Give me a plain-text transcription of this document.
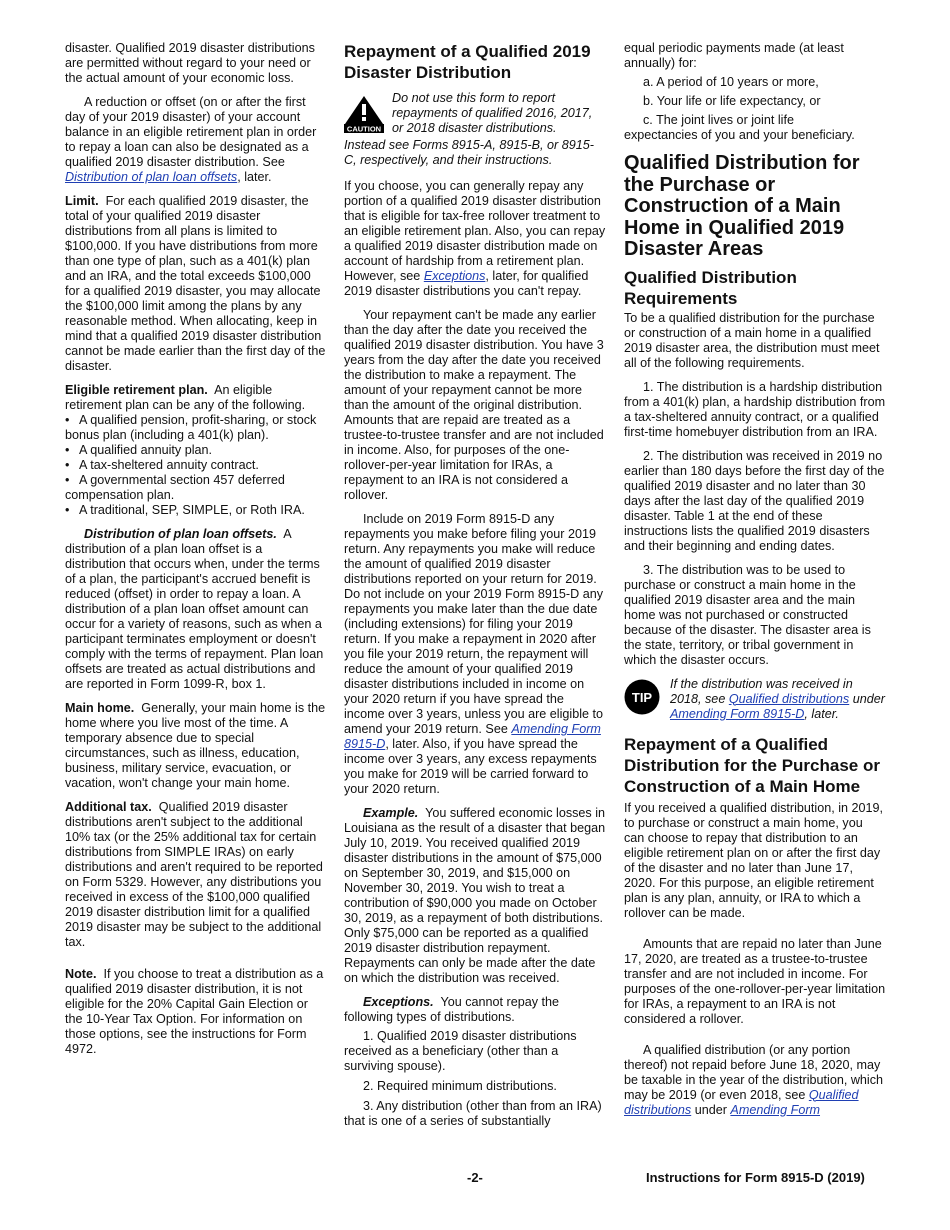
disaster. Qualified 2019 disaster distributions are permitted without regard to your need or the actual amount of your economic loss.

A reduction or offset (on or after the first day of your 2019 disaster) of your account balance in an eligible retirement plan in order to repay a loan can also be designated as a qualified 2019 disaster distribution. See Distribution of plan loan offsets, later.

Limit. For each qualified 2019 disaster, the total of your qualified 2019 disaster distributions from all plans is limited to $100,000. If you have distributions from more than one type of plan, such as a 401(k) plan and an IRA, and the total exceeds $100,000 for a qualified 2019 disaster, you may allocate the $100,000 limit among the plans by any reasonable method. When allocating, keep in mind that a qualified 2019 disaster distribution cannot be made earlier than the first day of the disaster.

Eligible retirement plan. An eligible retirement plan can be any of the following.

• A qualified pension, profit-sharing, or stock bonus plan (including a 401(k) plan).
• A qualified annuity plan.
• A tax-sheltered annuity contract.
• A governmental section 457 deferred compensation plan.
• A traditional, SEP, SIMPLE, or Roth IRA.

Distribution of plan loan offsets. A distribution of a plan loan offset is a distribution that occurs when, under the terms of a plan, the participant's accrued benefit is reduced (offset) in order to repay a loan. A distribution of a plan loan offset amount can occur for a variety of reasons, such as when a participant terminates employment or doesn't comply with the terms of repayment. Plan loan offsets are treated as actual distributions and are reported in Form 1099-R, box 1.

Main home. Generally, your main home is the home where you live most of the time. A temporary absence due to special circumstances, such as illness, education, business, military service, evacuation, or vacation, won't change your main home.

Additional tax. Qualified 2019 disaster distributions aren't subject to the additional 10% tax (or the 25% additional tax for certain distributions from SIMPLE IRAs) on early distributions and aren't required to be reported on Form 5329. However, any distributions you received in excess of the $100,000 qualified 2019 disaster distribution limit for a qualified 2019 disaster may be subject to the additional tax.

Note. If you choose to treat a distribution as a qualified 2019 disaster distribution, it is not eligible for the 20% Capital Gain Election or the 10-Year Tax Option. For information on those options, see the instructions for Form 4972.

Repayment of a Qualified 2019 Disaster Distribution
CAUTION
Do not use this form to report repayments of qualified 2016, 2017, or 2018 disaster distributions.

Instead see Forms 8915-A, 8915-B, or 8915-C, respectively, and their instructions.

If you choose, you can generally repay any portion of a qualified 2019 disaster distribution that is eligible for tax-free rollover treatment to an eligible retirement plan. Also, you can repay a qualified 2019 disaster distribution made on account of hardship from a retirement plan. However, see Exceptions, later, for qualified 2019 disaster distributions you can't repay.

Your repayment can't be made any earlier than the day after the date you received the qualified 2019 disaster distribution. You have 3 years from the day after the date you received the distribution to make a repayment. The amount of your repayment cannot be more than the amount of the original distribution. Amounts that are repaid are treated as a trustee-to-trustee transfer and are not included in income. Also, for purposes of the one-rollover-per-year limitation for IRAs, a repayment to an IRA is not considered a rollover.

Include on 2019 Form 8915-D any repayments you make before filing your 2019 return. Any repayments you make will reduce the amount of qualified 2019 disaster distributions reported on your return for 2019. Do not include on your 2019 Form 8915-D any repayments you make later than the due date (including extensions) for filing your 2019 return. If you make a repayment in 2020 after you file your 2019 return, the repayment will reduce the amount of your qualified 2019 disaster distributions included in income on your 2020 return if you have spread the income over 3 years, unless you are eligible to amend your 2019 return. See Amending Form 8915-D, later. Also, if you have spread the income over 3 years, any excess repayments you make for 2019 will be carried forward to your 2020 return.

Example. You suffered economic losses in Louisiana as the result of a disaster that began July 10, 2019. You received qualified 2019 disaster distributions in the amount of $75,000 on September 30, 2019, and $15,000 on November 30, 2019. You wish to treat a contribution of $90,000 you made on October 30, 2019, as a repayment of both distributions. Only $75,000 can be reported as a qualified 2019 disaster distribution repayment. Repayments can only be made after the date on which the distribution was received.

Exceptions. You cannot repay the following types of distributions.

1. Qualified 2019 disaster distributions received as a beneficiary (other than a surviving spouse).

2. Required minimum distributions.

3. Any distribution (other than from an IRA) that is one of a series of substantially

equal periodic payments made (at least annually) for:

a. A period of 10 years or more,

b. Your life or life expectancy, or

c. The joint lives or joint life

expectancies of you and your beneficiary.

Qualified Distribution for the Purchase or Construction of a Main Home in Qualified 2019 Disaster Areas
Qualified Distribution Requirements

To be a qualified distribution for the purchase or construction of a main home in a qualified 2019 disaster area, the distribution must meet all of the following requirements.

1. The distribution is a hardship distribution from a 401(k) plan, a hardship distribution from a tax-sheltered annuity contract, or a qualified first-time homebuyer distribution from an IRA.

2. The distribution was received in 2019 no earlier than 180 days before the first day of the qualified 2019 disaster and no later than 30 days after the last day of the qualified 2019 disaster. Table 1 at the end of these instructions lists the qualified 2019 disasters and their beginning and ending dates.

3. The distribution was to be used to purchase or construct a main home in the qualified 2019 disaster area and the main home was not purchased or constructed because of the disaster. The disaster area is the state, territory, or tribal government in which the disaster occurs.

TIP
If the distribution was received in 2018, see Qualified distributions under Amending Form 8915-D, later.
Repayment of a Qualified Distribution for the Purchase or Construction of a Main Home

If you received a qualified distribution, in 2019, to purchase or construct a main home, you can choose to repay that distribution to an eligible retirement plan on or after the first day of the disaster and no later than June 17, 2020. For this purpose, an eligible retirement plan is any plan, annuity, or IRA to which a rollover can be made.

Amounts that are repaid no later than June 17, 2020, are treated as a trustee-to-trustee transfer and are not included in income. For purposes of the one-rollover-per-year limitation for IRAs, a repayment to an IRA is not considered a rollover.

A qualified distribution (or any portion thereof) not repaid before June 18, 2020, may be taxable in the year of the distribution, which may be 2019 (or even 2018, see Qualified distributions under Amending Form

-2-	Instructions for Form 8915-D (2019)
